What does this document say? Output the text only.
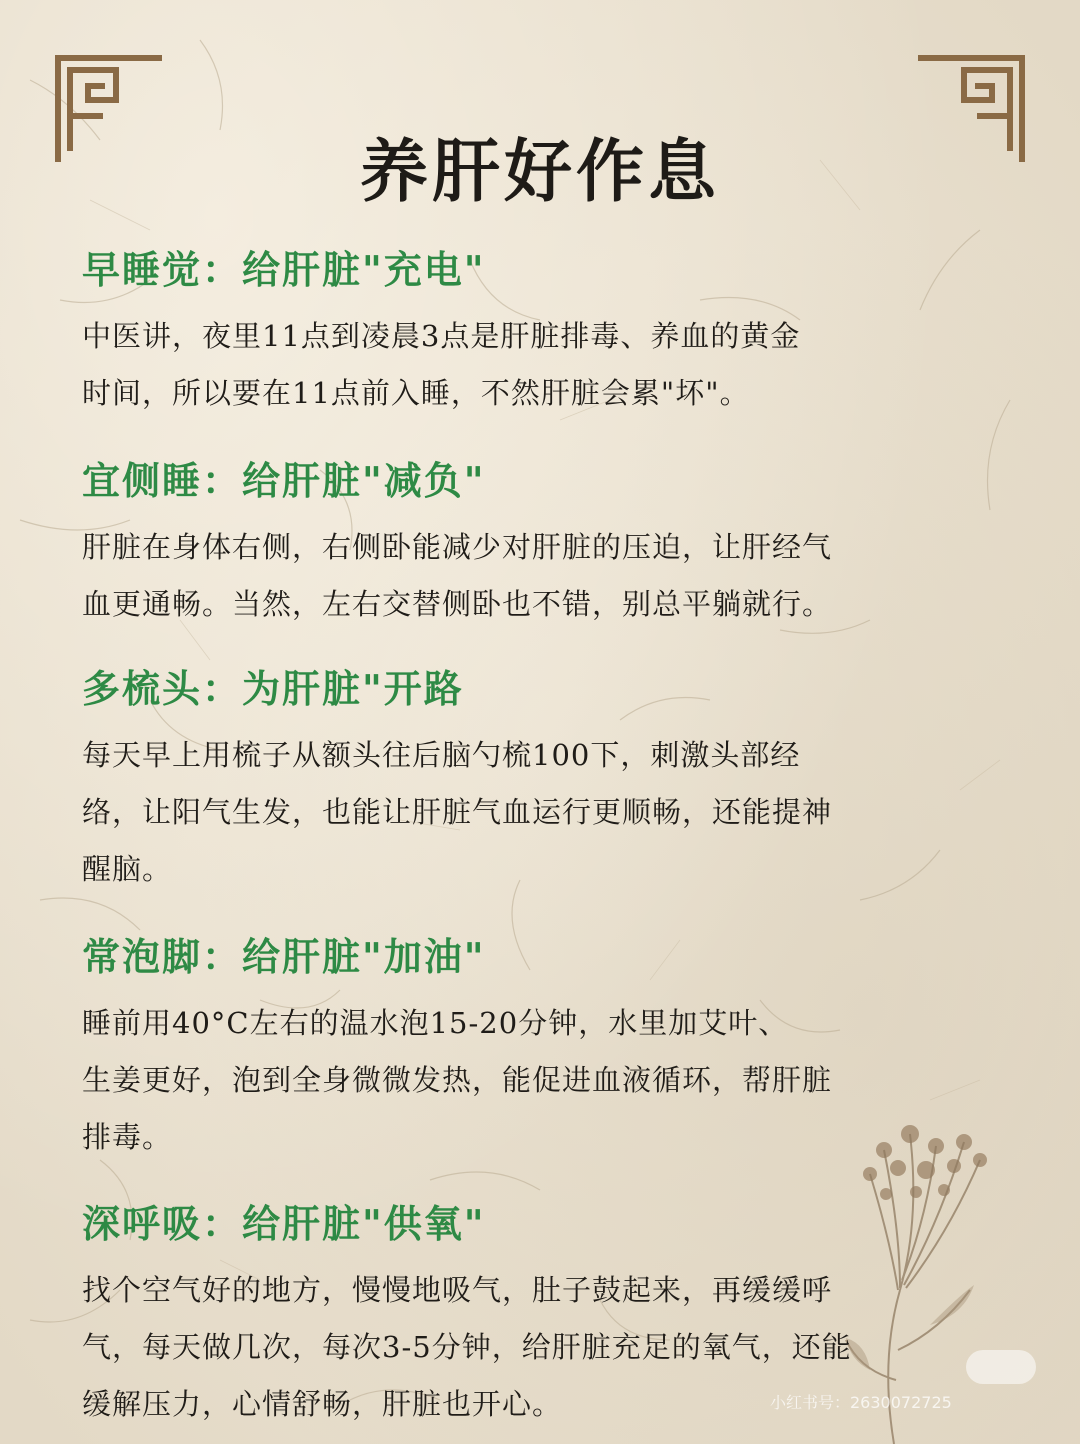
养肝好作息
早睡觉：给肝脏"充电"
中医讲，夜里11点到凌晨3点是肝脏排毒、养血的黄金
时间，所以要在11点前入睡，不然肝脏会累"坏"。
宜侧睡：给肝脏"减负"
肝脏在身体右侧，右侧卧能减少对肝脏的压迫，让肝经气
血更通畅。当然，左右交替侧卧也不错，别总平躺就行。
多梳头：为肝脏"开路
每天早上用梳子从额头往后脑勺梳100下，刺激头部经
络，让阳气生发，也能让肝脏气血运行更顺畅，还能提神
醒脑。
常泡脚：给肝脏"加油"
睡前用40°C左右的温水泡15-20分钟，水里加艾叶、
生姜更好，泡到全身微微发热，能促进血液循环，帮肝脏
排毒。
深呼吸：给肝脏"供氧"
找个空气好的地方，慢慢地吸气，肚子鼓起来，再缓缓呼
气，每天做几次，每次3-5分钟，给肝脏充足的氧气，还能
缓解压力，心情舒畅，肝脏也开心。	小红书号：2630072725
